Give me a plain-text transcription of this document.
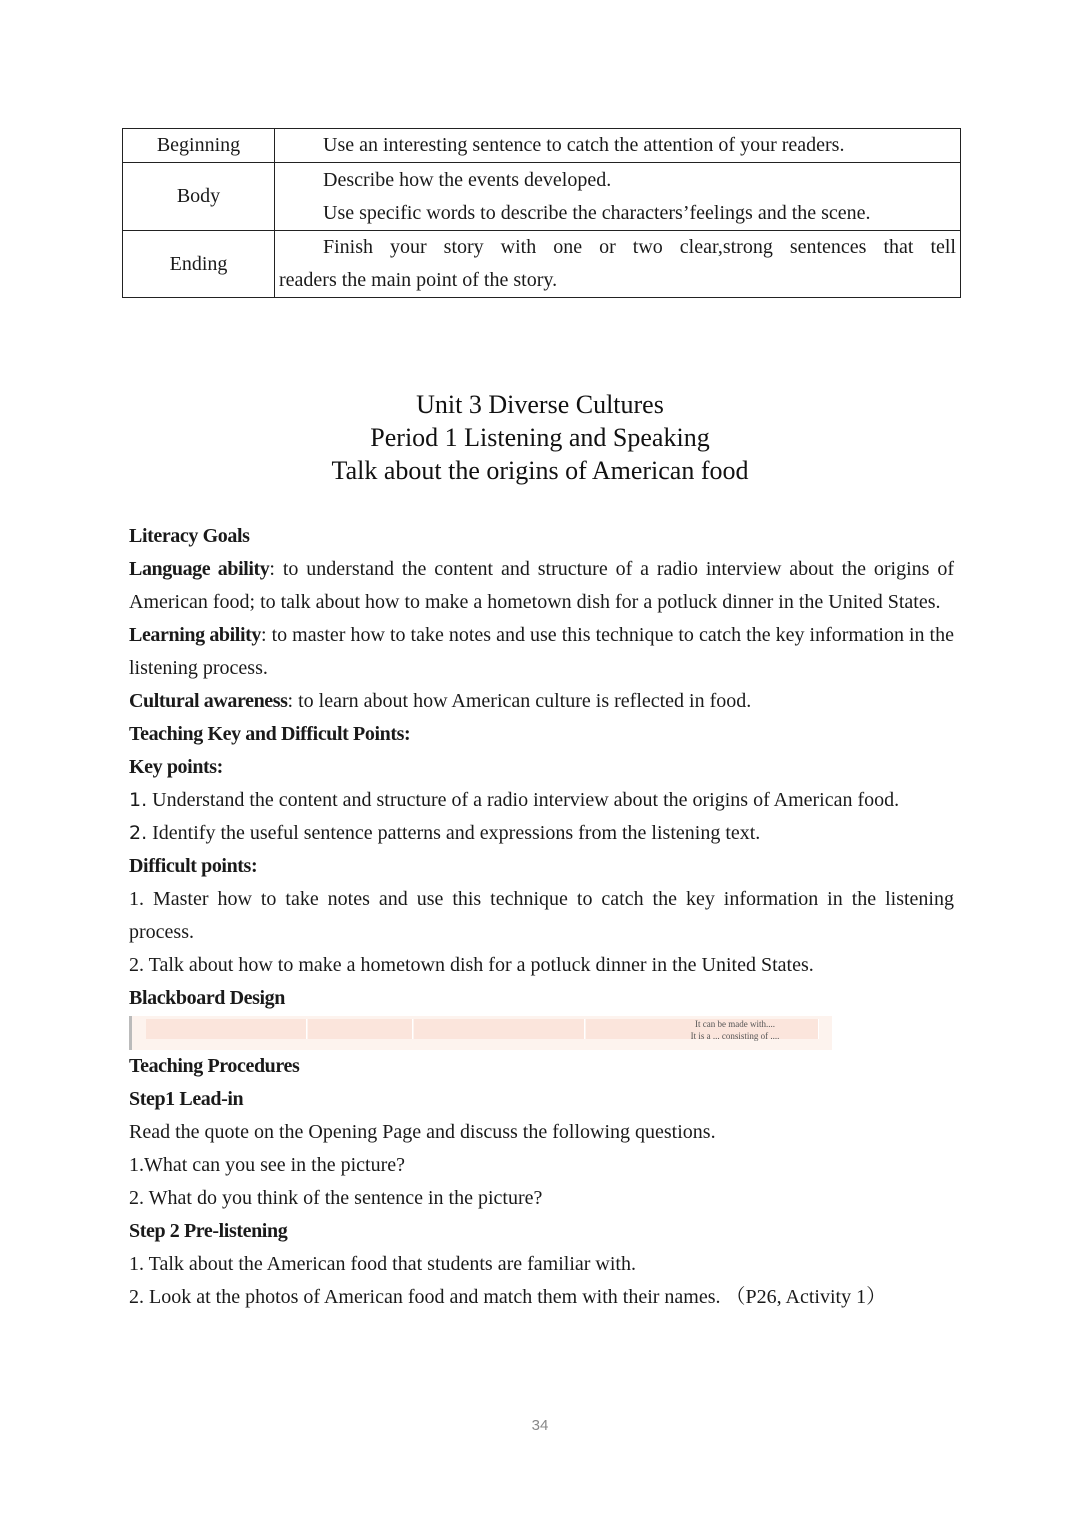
Beginning	Use an interesting sentence to catch the attention of your readers.

Body	Describe how the events developed.
Use specific words to describe the characters’feelings and the scene.

Ending	Finish your story with one or two clear,strong sentences that tell
readers the main point of the story.
Unit 3 Diverse Cultures
Period 1 Listening and Speaking
Talk about the origins of American food

Literacy Goals

Language ability: to understand the content and structure of a radio interview about the origins of American food; to talk about how to make a hometown dish for a potluck dinner in the United States.

Learning ability: to master how to take notes and use this technique to catch the key information in the listening process.

Cultural awareness: to learn about how American culture is reflected in food.

Teaching Key and Difficult Points:

Key points:

1. Understand the content and structure of a radio interview about the origins of American food.

2. Identify the useful sentence patterns and expressions from the listening text.

Difficult points:

1. Master how to take notes and use this technique to catch the key information in the listening process.

2. Talk about how to make a hometown dish for a potluck dinner in the United States.

Blackboard Design

It can be made with....
It is a ... consisting of ....

Teaching Procedures

Step1 Lead-in

Read the quote on the Opening Page and discuss the following questions.

1.What can you see in the picture?

2. What do you think of the sentence in the picture?

Step 2 Pre-listening

1. Talk about the American food that students are familiar with.

2. Look at the photos of American food and match them with their names. （P26, Activity 1）

34
